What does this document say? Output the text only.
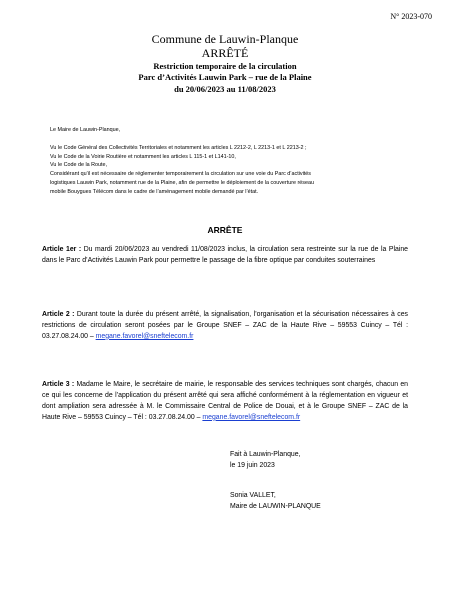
N° 2023-070
Commune de Lauwin-Planque
ARRÊTÉ
Restriction temporaire de la circulation
Parc d’Activités Lauwin Park – rue de la Plaine
du 20/06/2023 au 11/08/2023
Le Maire de Lauwin-Planque,
Vu le Code Général des Collectivités Territoriales et notamment les articles L 2212-2, L 2213-1 et L 2213-2 ;
Vu le Code de la Voirie Routière et notamment les articles L 115-1 et L141-10,
Vu le Code de la Route,
Considérant qu’il est nécessaire de réglementer temporairement la circulation sur une voie du Parc d’activités
logistiques Lauwin Park, notamment rue de la Plaine, afin de permettre le déploiement de la couverture réseau
mobile Bouygues Télécom dans le cadre de l’aménagement mobile demandé par l’état.
ARRÊTE
Article 1er : Du mardi 20/06/2023 au vendredi 11/08/2023 inclus, la circulation sera restreinte sur la rue de la Plaine dans le Parc d’Activités Lauwin Park pour permettre le passage de la fibre optique par conduites souterraines
Article 2 : Durant toute la durée du présent arrêté, la signalisation, l’organisation et la sécurisation nécessaires à ces restrictions de circulation seront posées par le Groupe SNEF – ZAC de la Haute Rive – 59553 Cuincy – Tél : 03.27.08.24.00 – megane.favorel@sneftelecom.fr
Article 3 : Madame le Maire, le secrétaire de mairie, le responsable des services techniques sont chargés, chacun en ce qui les concerne de l’application du présent arrêté qui sera affiché conformément à la réglementation en vigueur et dont ampliation sera adressée à M. le Commissaire Central de Police de Douai, et à le Groupe SNEF – ZAC de la Haute Rive – 59553 Cuincy – Tél : 03.27.08.24.00 – megane.favorel@sneftelecom.fr
Fait à Lauwin-Planque,
le 19 juin 2023
Sonia VALLET,
Maire de LAUWIN-PLANQUE
